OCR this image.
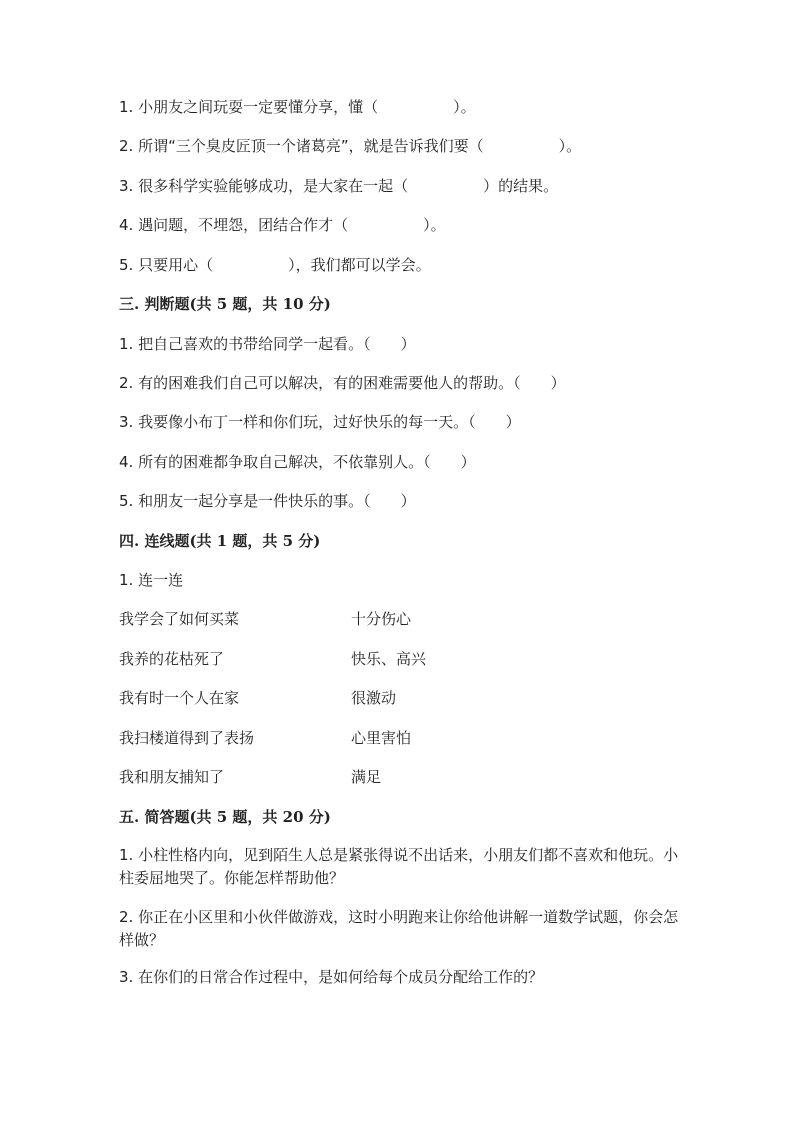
1. 小朋友之间玩耍一定要懂分享，懂（　　　　　）。

2. 所谓“三个臭皮匠顶一个诸葛亮”，就是告诉我们要（　　　　　）。

3. 很多科学实验能够成功，是大家在一起（　　　　　）的结果。

4. 遇问题，不埋怨，团结合作才（　　　　　）。

5. 只要用心（　　　　　），我们都可以学会。

三. 判断题(共 5 题，共 10 分)

1. 把自己喜欢的书带给同学一起看。（　　）

2. 有的困难我们自己可以解决，有的困难需要他人的帮助。（　　）

3. 我要像小布丁一样和你们玩，过好快乐的每一天。（　　）

4. 所有的困难都争取自己解决，不依靠别人。（　　）

5. 和朋友一起分享是一件快乐的事。（　　）

四. 连线题(共 1 题，共 5 分)

1. 连一连

我学会了如何买菜

我养的花枯死了

我有时一个人在家

我扫楼道得到了表扬

我和朋友捕知了

十分伤心
快乐、高兴
很激动
心里害怕
满足

五. 简答题(共 5 题，共 20 分)

1. 小柱性格内向，见到陌生人总是紧张得说不出话来，小朋友们都不喜欢和他玩。小柱委屈地哭了。你能怎样帮助他？

2. 你正在小区里和小伙伴做游戏，这时小明跑来让你给他讲解一道数学试题，你会怎样做？

3. 在你们的日常合作过程中，是如何给每个成员分配给工作的？
